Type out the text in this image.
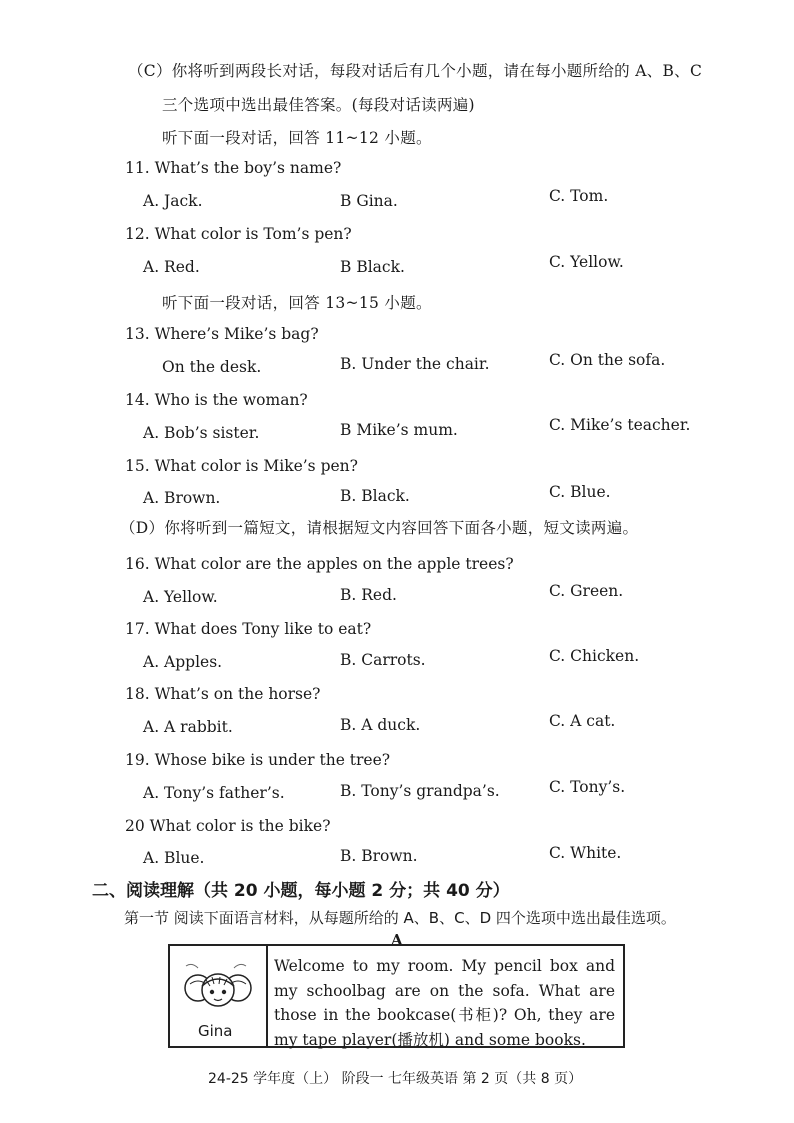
（C）你将听到两段长对话，每段对话后有几个小题，请在每小题所给的 A、B、C
三个选项中选出最佳答案。(每段对话读两遍)
听下面一段对话，回答 11~12 小题。
11. What’s the boy’s name?
A. Jack.	B Gina.	C. Tom.
12. What color is Tom’s pen?
A. Red.	B Black.	C. Yellow.
听下面一段对话，回答 13~15 小题。
13. Where’s Mike’s bag?
On the desk.	B. Under the chair.	C. On the sofa.
14. Who is the woman?
A. Bob’s sister.	B Mike’s mum.	C. Mike’s teacher.
15. What color is Mike’s pen?
A. Brown.	B. Black.	C. Blue.
（D）你将听到一篇短文，请根据短文内容回答下面各小题，短文读两遍。
16. What color are the apples on the apple trees?
A. Yellow.	B. Red.	C. Green.
17. What does Tony like to eat?
A. Apples.	B. Carrots.	C. Chicken.
18. What’s on the horse?
A. A rabbit.	B. A duck.	C. A cat.
19. Whose bike is under the tree?
A. Tony’s father’s.	B. Tony’s grandpa’s.	C. Tony’s.
20 What color is the bike?
A. Blue.	B. Brown.	C. White.
二、阅读理解（共 20 小题，每小题 2 分；共 40 分）
第一节 阅读下面语言材料，从每题所给的 A、B、C、D 四个选项中选出最佳选项。
A
Gina
Welcome to my room. My pencil box and my schoolbag are on the sofa. What are those in the bookcase(书柜)? Oh, they are my tape player(播放机) and some books.
24-25 学年度（上） 阶段一 七年级英语 第 2 页（共 8 页）
